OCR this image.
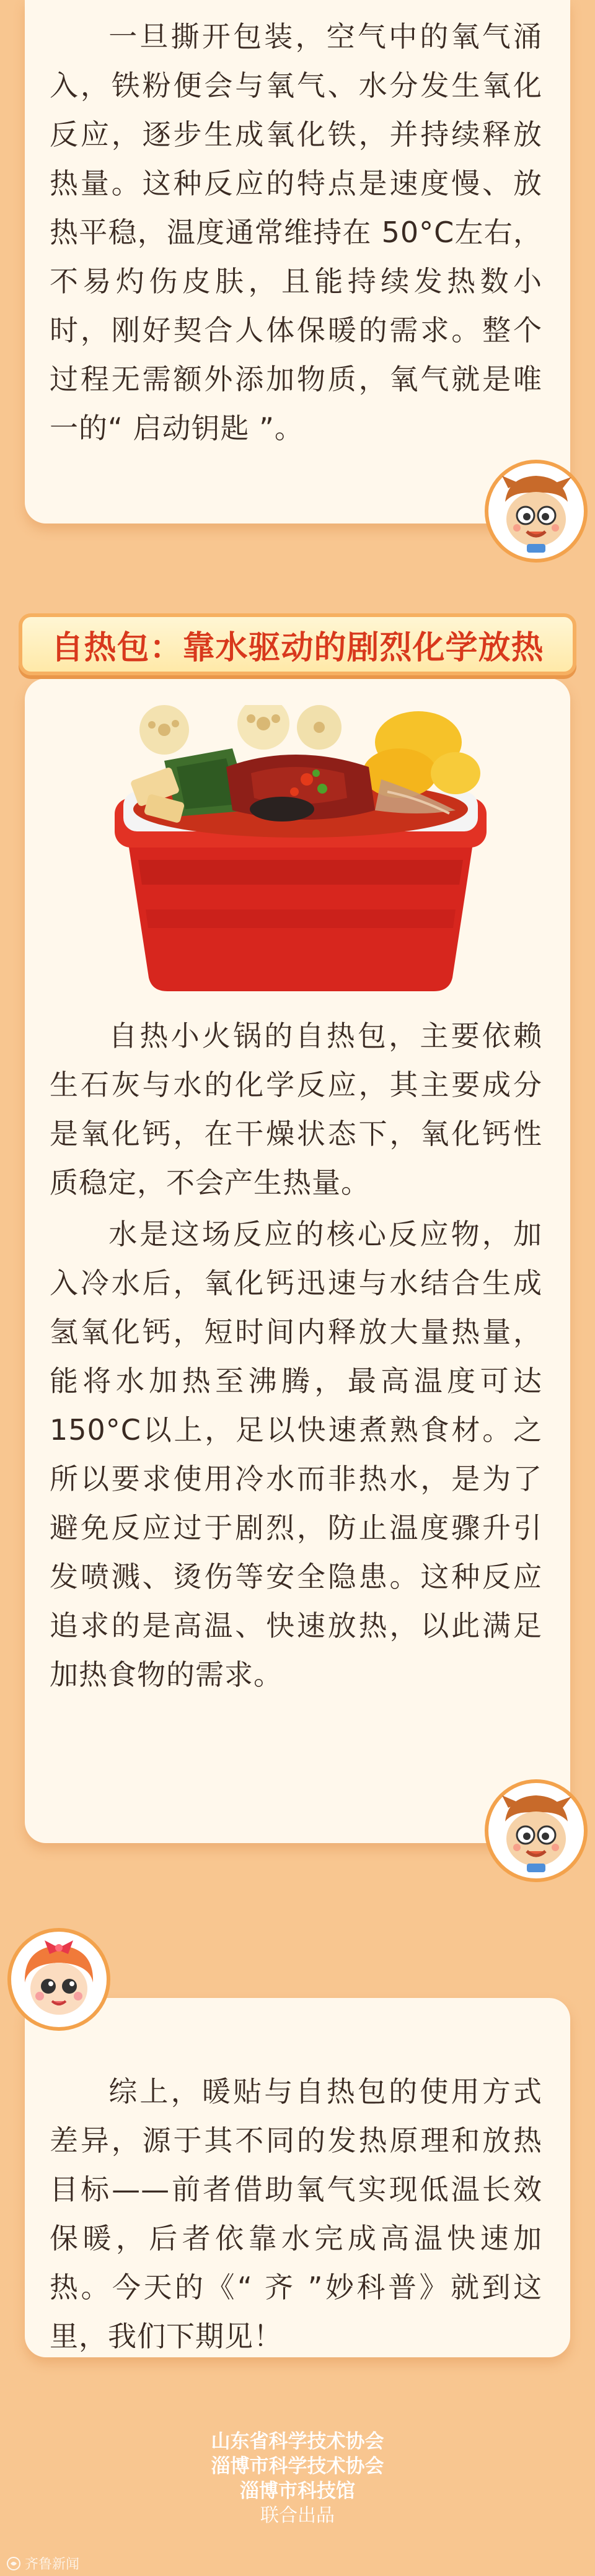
一旦撕开包装，空气中的氧气涌入，铁粉便会与氧气、水分发生氧化反应，逐步生成氧化铁，并持续释放热量。这种反应的特点是速度慢、放热平稳，温度通常维持在 50°C左右，不易灼伤皮肤，且能持续发热数小时，刚好契合人体保暖的需求。整个过程无需额外添加物质，氧气就是唯一的“ 启动钥匙 ”。

自热包：靠水驱动的剧烈化学放热

自热小火锅的自热包，主要依赖生石灰与水的化学反应，其主要成分是氧化钙，在干燥状态下，氧化钙性质稳定，不会产生热量。

水是这场反应的核心反应物，加入冷水后，氧化钙迅速与水结合生成氢氧化钙，短时间内释放大量热量，能将水加热至沸腾，最高温度可达 150°C以上，足以快速煮熟食材。之所以要求使用冷水而非热水，是为了避免反应过于剧烈，防止温度骤升引发喷溅、烫伤等安全隐患。这种反应追求的是高温、快速放热，以此满足加热食物的需求。

综上，暖贴与自热包的使用方式差异，源于其不同的发热原理和放热目标——前者借助氧气实现低温长效保暖，后者依靠水完成高温快速加热。今天的《“ 齐 ”妙科普》就到这里，我们下期见！

山东省科学技术协会
淄博市科学技术协会
淄博市科技馆
联合出品
齐鲁新闻
